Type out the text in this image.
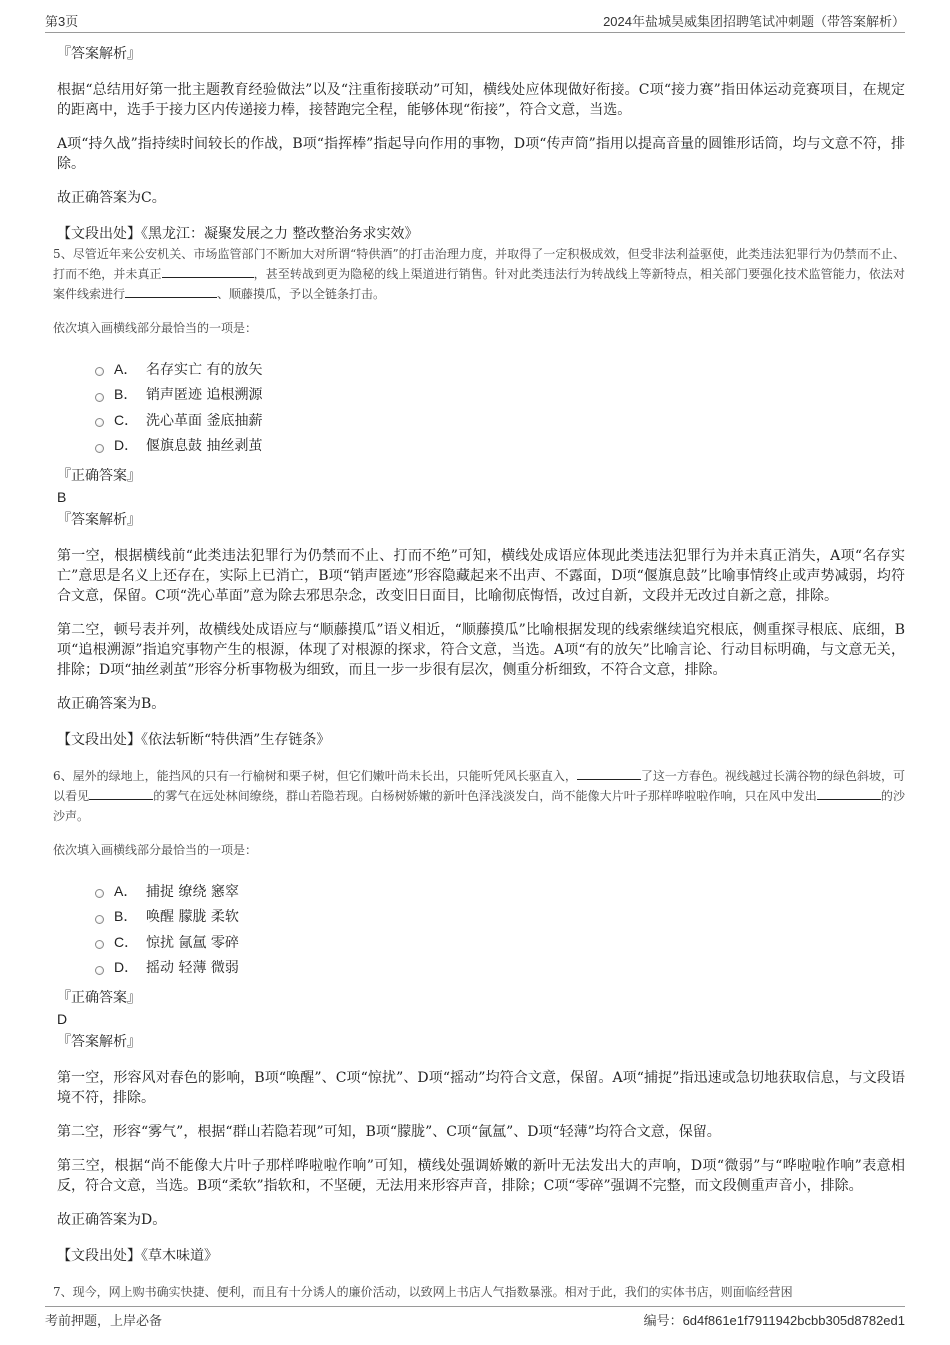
第3页	2024年盐城昊威集团招聘笔试冲刺题（带答案解析）

『答案解析』

根据“总结用好第一批主题教育经验做法”以及“注重衔接联动”可知，横线处应体现做好衔接。C项“接力赛”指田体运动竞赛项目，在规定的距离中，选手于接力区内传递接力棒，接替跑完全程，能够体现“衔接”，符合文意，当选。

A项“持久战”指持续时间较长的作战，B项“指挥棒”指起导向作用的事物，D项“传声筒”指用以提高音量的圆锥形话筒，均与文意不符，排除。

故正确答案为C。

【文段出处】《黑龙江：凝聚发展之力 整改整治务求实效》

5、尽管近年来公安机关、市场监管部门不断加大对所谓“特供酒”的打击治理力度，并取得了一定积极成效，但受非法利益驱使，此类违法犯罪行为仍禁而不止、打而不绝，并未真正	，甚至转战到更为隐秘的线上渠道进行销售。针对此类违法行为转战线上等新特点，相关部门要强化技术监管能力，依法对案件线索进行	、顺藤摸瓜，予以全链条打击。

依次填入画横线部分最恰当的一项是：

A． 名存实亡 有的放矢
B． 销声匿迹 追根溯源
C． 洗心革面 釜底抽薪
D． 偃旗息鼓 抽丝剥茧

『正确答案』

B

『答案解析』

第一空，根据横线前“此类违法犯罪行为仍禁而不止、打而不绝”可知，横线处成语应体现此类违法犯罪行为并未真正消失，A项“名存实亡”意思是名义上还存在，实际上已消亡，B项“销声匿迹”形容隐藏起来不出声、不露面，D项“偃旗息鼓”比喻事情终止或声势减弱，均符合文意，保留。C项“洗心革面”意为除去邪思杂念，改变旧日面目，比喻彻底悔悟，改过自新，文段并无改过自新之意，排除。

第二空，顿号表并列，故横线处成语应与“顺藤摸瓜”语义相近，“顺藤摸瓜”比喻根据发现的线索继续追究根底，侧重探寻根底、底细，B项“追根溯源”指追究事物产生的根源，体现了对根源的探求，符合文意，当选。A项“有的放矢”比喻言论、行动目标明确，与文意无关，排除；D项“抽丝剥茧”形容分析事物极为细致，而且一步一步很有层次，侧重分析细致，不符合文意，排除。

故正确答案为B。

【文段出处】《依法斩断“特供酒”生存链条》

6、屋外的绿地上，能挡风的只有一行榆树和栗子树，但它们嫩叶尚未长出，只能听凭风长驱直入，	了这一方春色。视线越过长满谷物的绿色斜坡，可以看见	的雾气在远处林间缭绕，群山若隐若现。白杨树娇嫩的新叶色泽浅淡发白，尚不能像大片叶子那样哗啦啦作响，只在风中发出	的沙沙声。

依次填入画横线部分最恰当的一项是：

A． 捕捉 缭绕 窸窣
B． 唤醒 朦胧 柔软
C． 惊扰 氤氲 零碎
D． 摇动 轻薄 微弱

『正确答案』

D

『答案解析』

第一空，形容风对春色的影响，B项“唤醒”、C项“惊扰”、D项“摇动”均符合文意，保留。A项“捕捉”指迅速或急切地获取信息，与文段语境不符，排除。

第二空，形容“雾气”，根据“群山若隐若现”可知，B项“朦胧”、C项“氤氲”、D项“轻薄”均符合文意，保留。

第三空，根据“尚不能像大片叶子那样哗啦啦作响”可知，横线处强调娇嫩的新叶无法发出大的声响，D项“微弱”与“哗啦啦作响”表意相反，符合文意，当选。B项“柔软”指软和，不坚硬，无法用来形容声音，排除；C项“零碎”强调不完整，而文段侧重声音小，排除。

故正确答案为D。

【文段出处】《草木味道》

7、现今，网上购书确实快捷、便利，而且有十分诱人的廉价活动，以致网上书店人气指数暴涨。相对于此，我们的实体书店，则面临经营困

考前押题，上岸必备	编号：6d4f861e1f7911942bcbb305d8782ed1
